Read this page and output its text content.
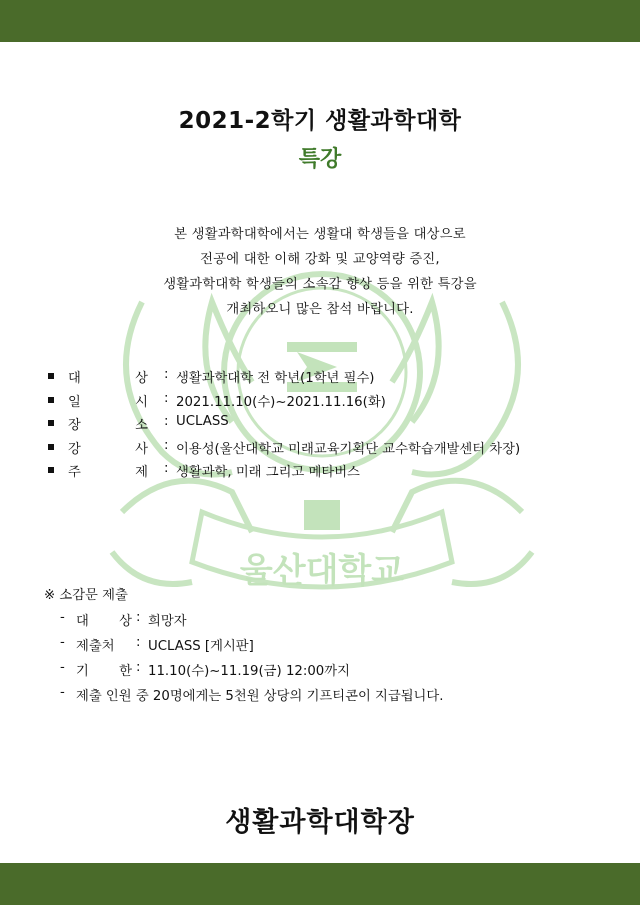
울산대학교
2021-2학기 생활과학대학
특강
본 생활과학대학에서는 생활대 학생들을 대상으로
전공에 대한 이해 강화 및 교양역량 증진,
생활과학대학 학생들의 소속감 향상 등을 위한 특강을
개최하오니 많은 참석 바랍니다.
대	상 : 생활과학대학 전 학년(1학년 필수)
일	시 : 2021.11.10(수)~2021.11.16(화)
장	소 : UCLASS
강	사 : 이용성(울산대학교 미래교육기획단 교수학습개발센터 차장)
주	제 : 생활과학, 미래 그리고 메타버스
※ 소감문 제출
- 대 상 : 희망자
- 제출처 : UCLASS [게시판]
- 기 한 : 11.10(수)~11.19(금) 12:00까지
- 제출 인원 중 20명에게는 5천원 상당의 기프티콘이 지급됩니다.
생활과학대학장
